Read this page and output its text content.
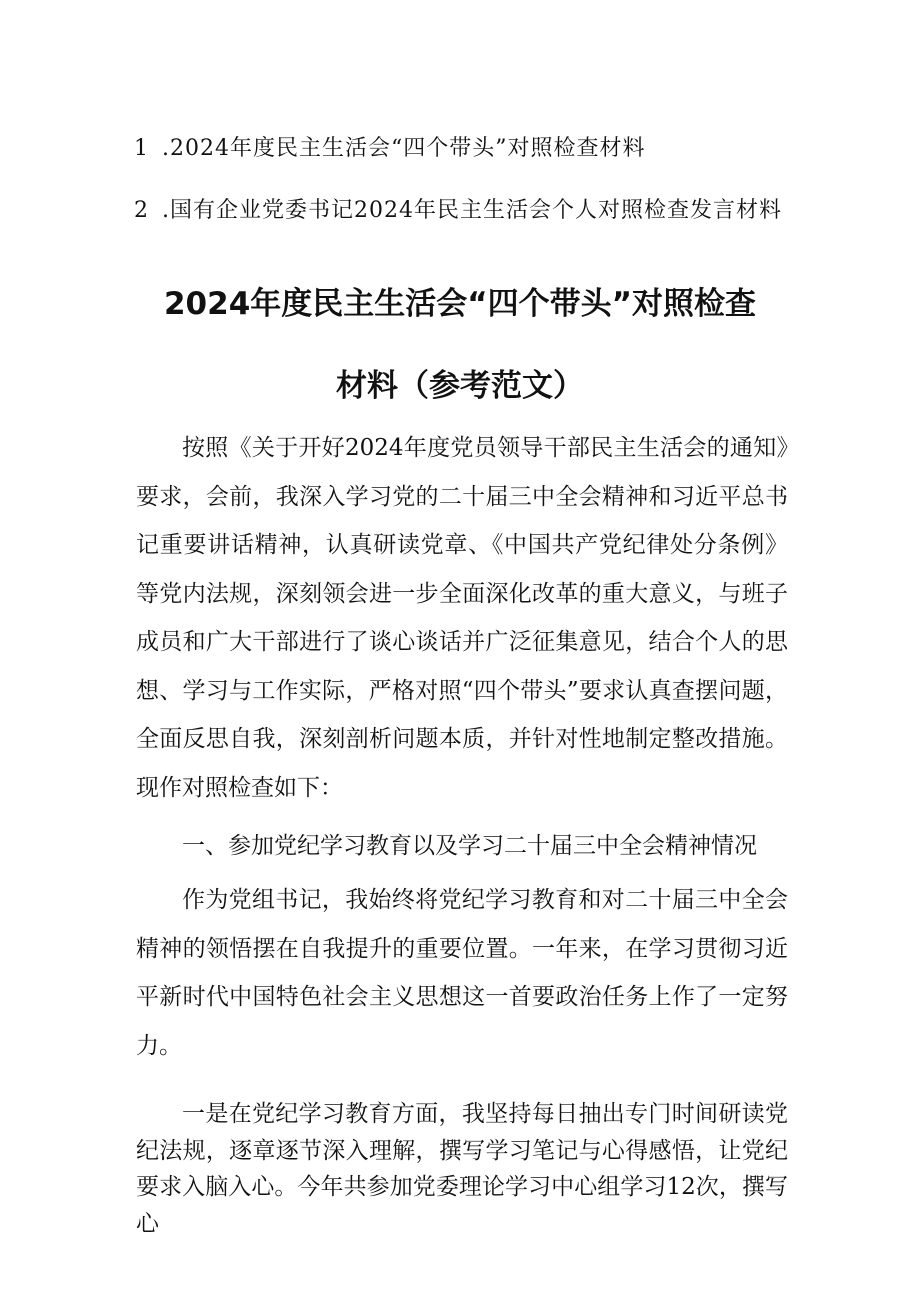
1 .2024年度民主生活会“四个带头”对照检查材料
2 .国有企业党委书记2024年民主生活会个人对照检查发言材料
2024年度民主生活会“四个带头”对照检查
材料（参考范文）

按照《关于开好2024年度党员领导干部民主生活会的通知》要求，会前，我深入学习党的二十届三中全会精神和习近平总书记重要讲话精神，认真研读党章、《中国共产党纪律处分条例》等党内法规，深刻领会进一步全面深化改革的重大意义，与班子成员和广大干部进行了谈心谈话并广泛征集意见，结合个人的思想、学习与工作实际，严格对照“四个带头”要求认真查摆问题，全面反思自我，深刻剖析问题本质，并针对性地制定整改措施。现作对照检查如下：

一、参加党纪学习教育以及学习二十届三中全会精神情况

作为党组书记，我始终将党纪学习教育和对二十届三中全会精神的领悟摆在自我提升的重要位置。一年来，在学习贯彻习近平新时代中国特色社会主义思想这一首要政治任务上作了一定努力。

一是在党纪学习教育方面，我坚持每日抽出专门时间研读党纪法规，逐章逐节深入理解，撰写学习笔记与心得感悟，让党纪要求入脑入心。今年共参加党委理论学习中心组学习12次，撰写心
